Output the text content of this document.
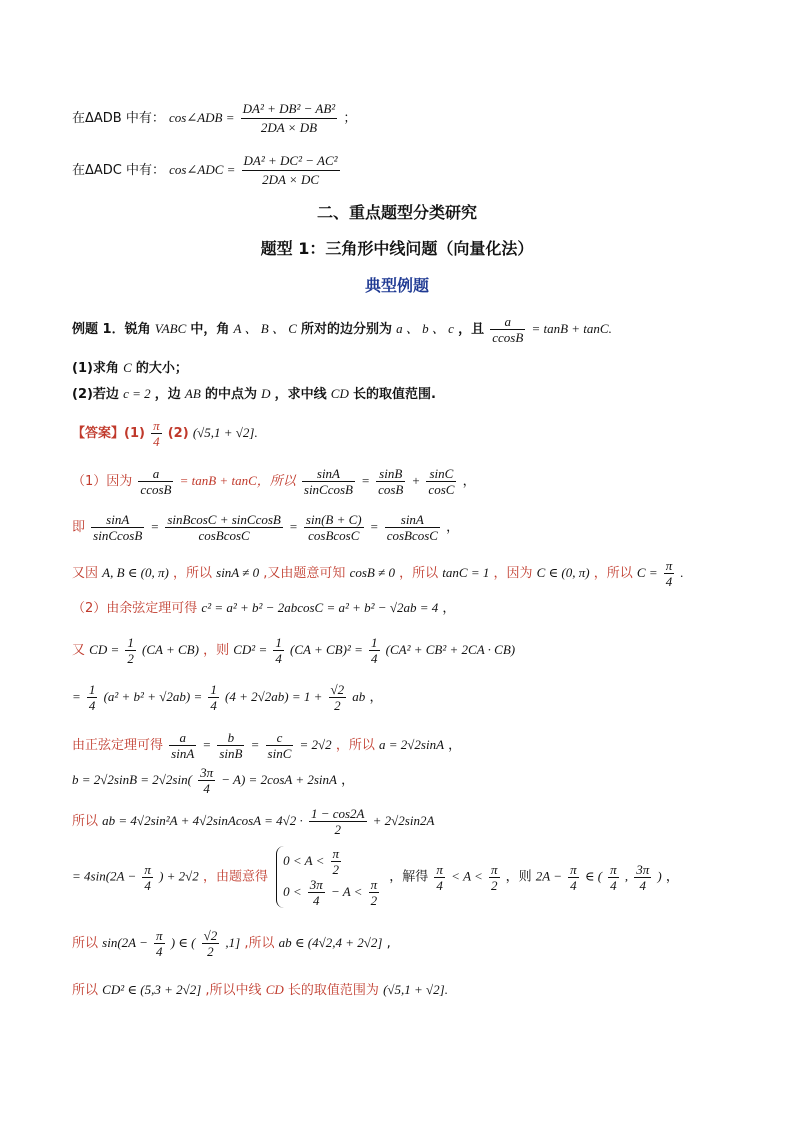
在ΔADB 中有： cos∠ADB = $\frac{\text{DA² + DB² − AB²}}{2DA \times DB}$ ；
在ΔADC 中有： cos∠ADC = $\frac{\text{DA² + DC² − AC²}}{2DA \times DC}$
二、重点题型分类研究
题型 1：三角形中线问题（向量化法）
典型例题
例题 1．锐角 VABC 中，角 A 、 B 、 C 所对的边分别为 a 、 b 、 c ，且 $\frac{a}{ccosB} = \tan B + \tan C$.
(1)求角 C 的大小；
(2)若边 c = 2 ，边 AB 的中点为 D ，求中线 CD 长的取值范围.
【答案】$(1) \frac{\pi}{4} (2) (√5,1 + √2]$.
（1）因为 $\frac{a}{ccosB} = \tan B + \tan C$，所以 $\frac{\sin A}{\text{sinCcosB}} = \frac{\sin B}{\cos B} + \frac{\sin C}{\cos C}$ ，
即 $\frac{\sin A}{\text{sinCcosB}} = \frac{\text{sinBcosC + sinCcosB}}{\text{cosBcosC}} = \frac{\sin(B + C)}{\text{cosBcosC}} = \frac{\sin A}{\text{cosBcosC}}$ ，
又因 A, B ∈ (0, π) ，所以 sinA ≠ 0 ,又由题意可知 cosB ≠ 0 ，所以 tanC = 1 ，因为 C ∈ (0, π) ，所以 $C = \frac{\pi}{4}$ .
（2）由余弦定理可得 c² = a² + b² − 2abcosC = a² + b² − √2ab = 4 ，
又 CD = $\frac{1}{2} (CA + CB)$ ，则 $CD^2 = \frac{1}{4} (CA + CB)^2 = \frac{1}{4} (CA^2 + CB^2 + 2CA \cdot CB)$
= $\frac{1}{4} (a^2 + b^2 + √2ab) = \frac{1}{4} (4 + 2√2ab) = 1 + \frac{√2}{2}$ ab ，
由正弦定理可得 $\frac{a}{\sin A} = \frac{b}{\sin B} = \frac{c}{\sin C} = 2√2$ ，所以 a = 2√2sinA ，
$b = 2√2\sin B = 2√2\sin( \frac{3\pi}{4} - A) = 2\cos A + 2\sin A$ ，
所以 ab = 4√2sin²A + 4√2sinAcosA = $4√2 \cdot \frac{1 - \cos 2A}{2} + 2√2\sin 2A$
= $4\sin(2A - \frac{\pi}{4}$ ) + 2√2 ，由题意得
$0 < A < \frac{\pi}{2}$
$0 < \frac{3\pi}{4} - A < \frac{\pi}{2}$ ，解得 $\frac{\pi}{4} < A < \frac{\pi}{2}$ ，则 $2A - \frac{\pi}{4}$ ∈ ( $\frac{\pi}{4}$ , $\frac{3\pi}{4}$ ) ，
所以 $\sin(2A - \frac{\pi}{4}$ ) ∈ ( $\frac{√2}{2} ,1$] ,所以 ab ∈ (4√2,4 + 2√2] ,
所以 CD² ∈ (5,3 + 2√2] ,所以中线 CD 长的取值范围为 (√5,1 + √2].
